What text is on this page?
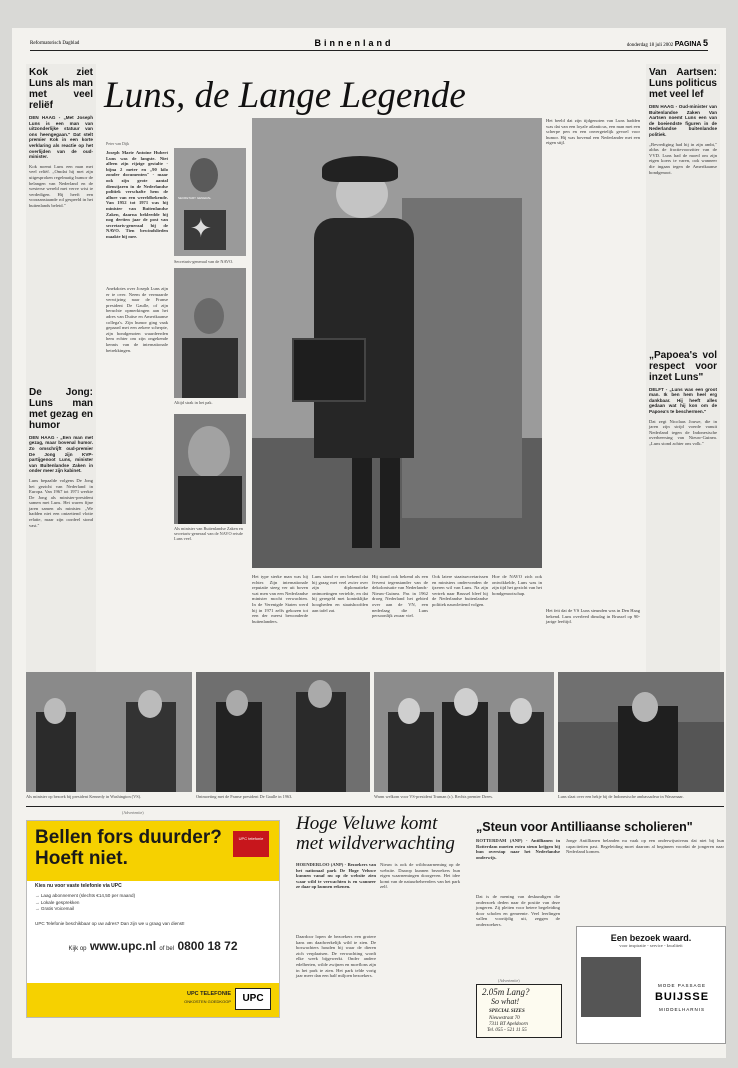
Reformatorisch Dagblad	Binnenland	donderdag 18 juli 2002 PAGINA 5
Kok ziet Luns als man met veel reliëf
DEN HAAG - „Met Joseph Luns is een man van uitzonderlijke statuur van ons heengegaan." Dat stelt premier Kok in een korte verklaring als reactie op het overlijden van de oud-minister.
Kok noemt Luns een man met veel reliëf. „Omdat hij met zijn uitgesproken regelmatig humor de belangen van Nederland en de westerse wereld met verve wist te verdedigen. Hij heeft een vooraanstaande rol gespeeld in het buitenlands beleid."
De Jong: Luns man met gezag en humor
DEN HAAG - „Een man met gezag, maar bovenal humor. Zo omschrijft oud-premier De Jong zijn KVP-partijgenoot Luns, minister van Buitenlandse Zaken in onder meer zijn kabinet.
Luns bepaalde volgens De Jong het gezicht van Nederland in Europa. Van 1967 tot 1971 werkte De Jong als minister-president samen met Luns. Het waren fijne jaren samen als minister. „We hadden niet een ontzettend vlotte relatie, maar zijn oordeel stond vast."
Van Aartsen: Luns politicus met veel lef
DEN HAAG - Oud-minister van Buitenlandse Zaken Van Aartsen noemt Luns een van de boeiendste figuren in de Nederlandse buitenlandse politiek.
„Bevrediging had hij in zijn ambt," aldus de fractievoorzitter van de VVD. Luns had de moed om zijn eigen koers te varen, ook wanneer die ingaan tegen de Amerikaanse bondgenoot.
„Papoea's vol respect voor inzet Luns"
DELFT - „Luns was een groot man. Ik ben hem heel erg dankbaar. Hij heeft alles gedaan wat hij kon om de Papoea's te beschermen."
Dat zegt Nicolaas Jouwe, die in jaren zijn strijd voerde vanuit Nederland tegen de Indonesische overheersing van Nieuw-Guinea. „Luns stond achter ons volk."
Luns, de Lange Legende
Peter van Dijk
Joseph Marie Antoine Hubert Luns was de langste. Niet alleen zijn rijzige gestalte - bijna 2 meter en „90 kilo zonder documenten" - maar ook zijn grote aantal dienstjaren in de Nederlandse politiek verschafte hem de allure van een wereldbekende. Van 1952 tot 1971 was hij minister van Buitenlandse Zaken, daarna bekleedde hij nog dertien jaar de post van secretaris-generaal bij de NAVO. Tien bewindslieden maakte hij mee.
Anekdotes over Joseph Luns zijn er te over. Neem de vermaarde verwijzing naar de Franse president De Gaulle, of zijn beruchte opmerkingen aan het adres van Duitse en Amerikaanse collega's. Zijn humor ging vaak gepaard met een zekere scherpte, zijn bondgenoten waardeerden hem echter om zijn ongekende kennis van de internationale betrekkingen.
✦
SECRETARY GENERAL
Secretaris-generaal van de NAVO.
Altijd strak in het pak.
Als minister van Buitenlandse Zaken en secretaris-generaal van de NAVO reisde Luns veel.
Het beeld dat zijn tijdgenoten van Luns hadden was dat van een loyale atlanticus, een man met een scherpe pen en een onvergetelijk gevoel voor humor. Hij was bovenal een Nederlander met een eigen stijl.
Het feit dat de VS Luns steunden was in Den Haag bekend. Luns overleed dinsdag in Brussel op 90-jarige leeftijd.
Het type sterke man was hij echter. Zijn internationale reputatie steeg ver uit boven wat men van een Nederlandse minister mocht verwachten. In de Verenigde Staten werd hij in 1971 zelfs gekozen tot een der meest bewonderde buitenlanders.
Luns stond er om bekend dat hij graag met veel zwier over zijn diplomatieke ontmoetingen vertelde, en dat hij geregeld met koninklijke hoogheden en staatshoofden aan tafel zat.
Hij stond ook bekend als een fervent tegenstander van de dekolonisatie van Nederlands-Nieuw-Guinea. Pas in 1962 droeg Nederland het gebied over aan de VN, een nederlaag die Luns persoonlijk zwaar viel.
Ook latere staatssecretarissen en ministers ondervonden de ijzeren wil van Luns. Na zijn vertrek naar Brussel bleef hij de Nederlandse buitenlandse politiek nauwlettend volgen.
Hoe de NAVO zich ook ontwikkelde, Luns was in zijn tijd het gezicht van het bondgenootschap.
Als minister op bezoek bij president Kennedy in Washington (VS).	Ontmoeting met de Franse president De Gaulle in 1963.	Warm welkom voor VS-president Truman (r.). Rechts premier Drees.	Luns slaat over een hekje bij de Indonesische ambassadeur in Wassenaar.
(Advertentie)
Bellen fors duurder?
Hoeft niet.
UPC telefonie
Kies nu voor vaste telefonie via UPC
→ Laag abonnement (slechts €14,50 per maand)
→ Lokale gesprekken
→ Gratis Voicemail
UPC Telefonie beschikbaar op uw adres? Dan zijn we u graag van dienst!
Kijk op www.upc.nl of bel 0800 18 72
UPC TELEFONIE
ONKOSTEN GOEDKOOP	UPC
Hoge Veluwe komt met wildverwachting
HOENDERLOO (ANP) - Bezoekers van het nationaal park De Hoge Veluwe kunnen vanaf nu op de website zien waar wild te verwachten is en wanneer ze daar op kunnen rekenen.
Daardoor lopen de bezoekers een grotere kans om daadwerkelijk wild te zien. De boswachters houden bij waar de dieren zich verplaatsen. De verwachting wordt elke week bijgewerkt. Onder andere edelherten, wilde zwijnen en moeflons zijn in het park te zien. Het park telde vorig jaar meer dan een half miljoen bezoekers.
Nieuw is ook de wildwaarneming op de website. Daarop kunnen bezoekers hun eigen waarnemingen doorgeven. Het idee komt van de natuurbeheerders van het park zelf.
„Steun voor Antilliaanse scholieren"
ROTTERDAM (ANP) - Antillianen in Rotterdam moeten extra steun krijgen bij hun overstap naar het Nederlandse onderwijs.
Dat is de mening van deskundigen die onderzoek deden naar de positie van deze jongeren. Zij pleiten voor betere begeleiding door scholen en gemeente. Veel leerlingen vallen voortijdig uit, zeggen de onderzoekers.
Jonge Antillianen belanden nu vaak op een onderwijsniveau dat niet bij hun capaciteiten past. Begeleiding moet daarom al beginnen voordat de jongeren naar Nederland komen.
(Advertentie)
2.05m Lang?
So what!
SPECIAL SIZES
Nieuwstraat 70
7311 BT Apeldoorn
Tel. 055 - 521 11 55
Een bezoek waard.
voor inspiratie - service - kwaliteit
MODE PASSAGE
BUIJSSE
MIDDELHARNIS
